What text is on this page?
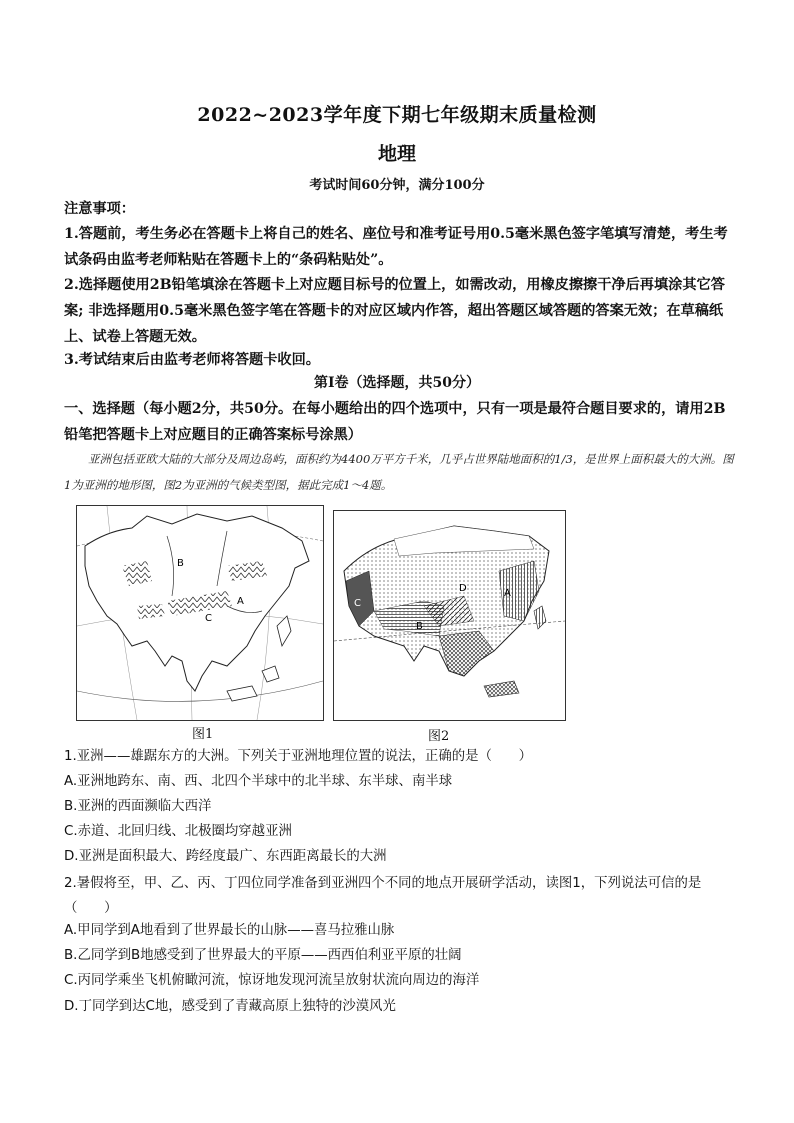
2022~2023学年度下期七年级期末质量检测
地理
考试时间60分钟，满分100分
注意事项：
1.答题前，考生务必在答题卡上将自己的姓名、座位号和准考证号用0.5毫米黑色签字笔填写清楚，考生考试条码由监考老师粘贴在答题卡上的“条码粘贴处”。
2.选择题使用2B铅笔填涂在答题卡上对应题目标号的位置上，如需改动，用橡皮擦擦干净后再填涂其它答案; 非选择题用0.5毫米黑色签字笔在答题卡的对应区域内作答，超出答题区域答题的答案无效；在草稿纸上、试卷上答题无效。
3.考试结束后由监考老师将答题卡收回。
第Ⅰ卷（选择题，共50分）
一、选择题（每小题2分，共50分。在每小题给出的四个选项中，只有一项是最符合题目要求的，请用2B铅笔把答题卡上对应题目的正确答案标号涂黑）
亚洲包括亚欧大陆的大部分及周边岛屿，面积约为4400万平方千米，几乎占世界陆地面积的1/3，是世界上面积最大的大洲。图1为亚洲的地形图，图2为亚洲的气候类型图，据此完成1～4题。
B
A
C
图1
D
C
B
A
图2
1.亚洲——雄踞东方的大洲。下列关于亚洲地理位置的说法，正确的是（　　）
A.亚洲地跨东、南、西、北四个半球中的北半球、东半球、南半球
B.亚洲的西面濒临大西洋
C.赤道、北回归线、北极圈均穿越亚洲
D.亚洲是面积最大、跨经度最广、东西距离最长的大洲
2.暑假将至，甲、乙、丙、丁四位同学准备到亚洲四个不同的地点开展研学活动，读图1，下列说法可信的是（　　）
A.甲同学到A地看到了世界最长的山脉——喜马拉雅山脉
B.乙同学到B地感受到了世界最大的平原——西西伯利亚平原的壮阔
C.丙同学乘坐飞机俯瞰河流，惊讶地发现河流呈放射状流向周边的海洋
D.丁同学到达C地，感受到了青藏高原上独特的沙漠风光
